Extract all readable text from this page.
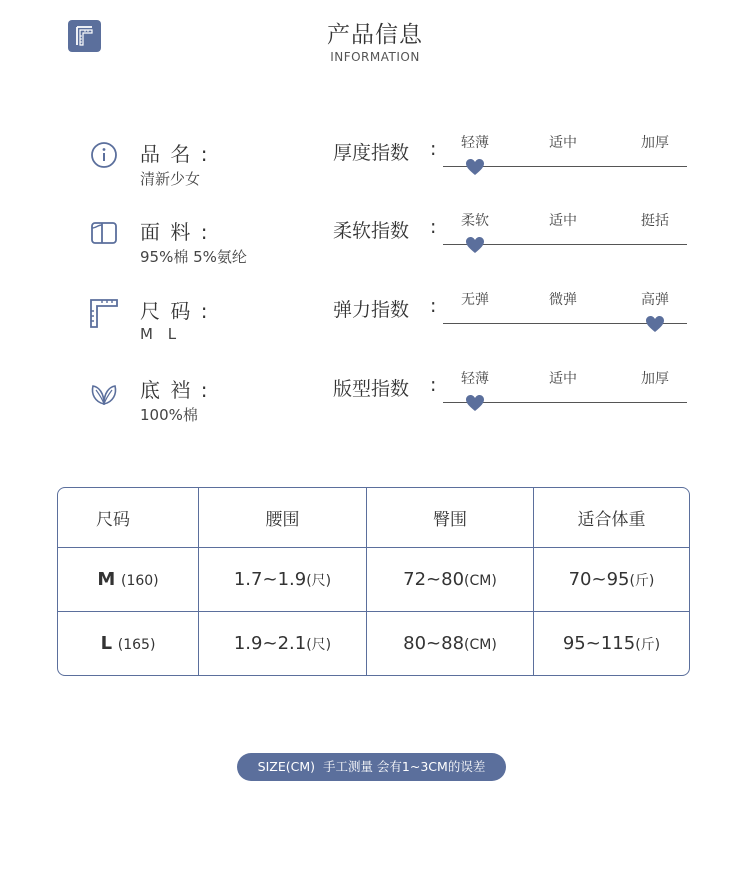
产品信息
INFORMATION
品 名 :
清新少女
厚度指数 : 轻薄	适中	加厚
面 料 :
95%棉 5%氨纶
柔软指数 : 柔软	适中	挺括
尺 码 :
M L
弹力指数 : 无弹	微弹	高弹
底 裆 :
100%棉
版型指数 : 轻薄	适中	加厚
尺码	腰围	臀围	适合体重
M (160)	1.7~1.9(尺)	72~80(CM)	70~95(斤)
L (165)	1.9~2.1(尺)	80~88(CM)	95~115(斤)
SIZE(CM)  手工测量 会有1~3CM的误差
